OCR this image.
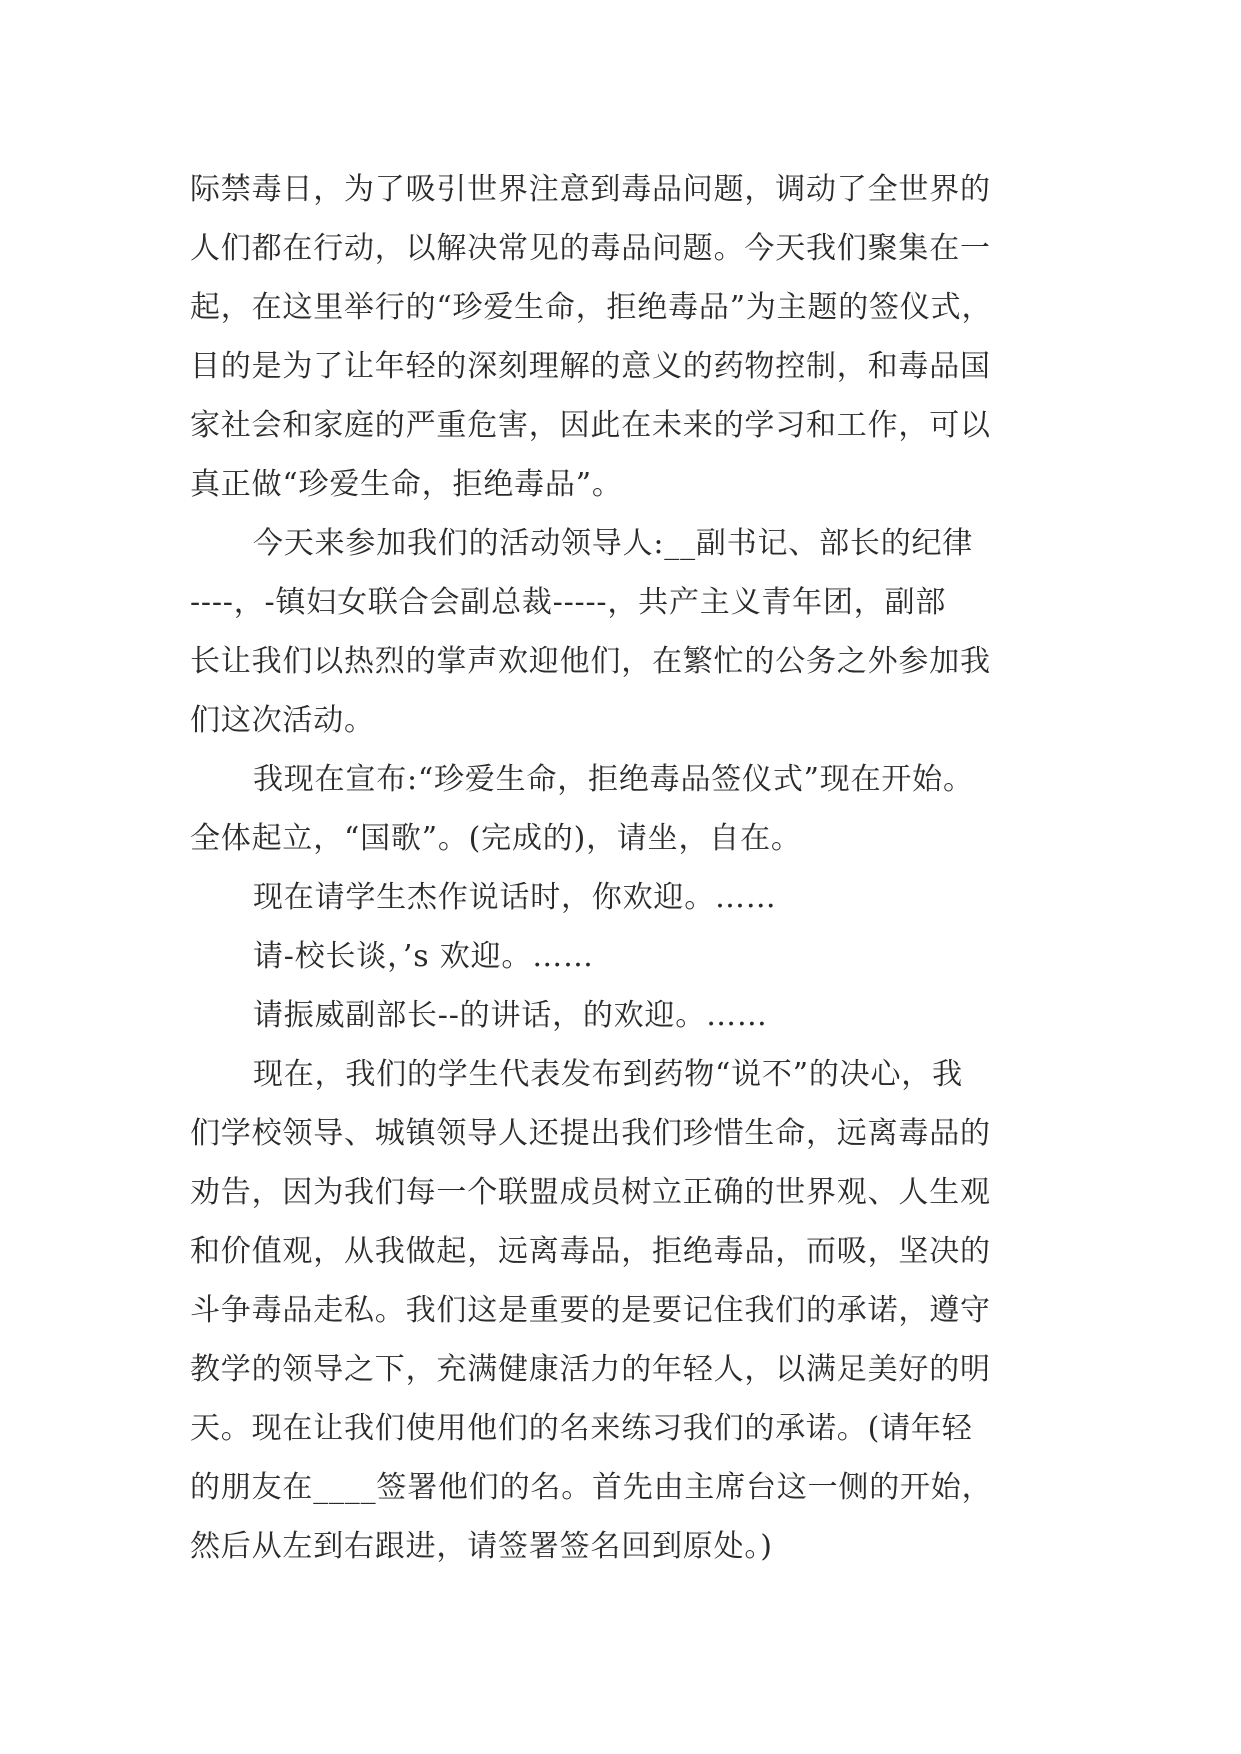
际禁毒日，为了吸引世界注意到毒品问题，调动了全世界的
人们都在行动，以解决常见的毒品问题。今天我们聚集在一
起，在这里举行的“珍爱生命，拒绝毒品”为主题的签仪式，
目的是为了让年轻的深刻理解的意义的药物控制，和毒品国
家社会和家庭的严重危害，因此在未来的学习和工作，可以
真正做“珍爱生命，拒绝毒品”。
今天来参加我们的活动领导人:__副书记、部长的纪律
----，-镇妇女联合会副总裁-----，共产主义青年团，副部
长让我们以热烈的掌声欢迎他们，在繁忙的公务之外参加我
们这次活动。
我现在宣布:“珍爱生命，拒绝毒品签仪式”现在开始。
全体起立，“国歌”。(完成的)，请坐，自在。
现在请学生杰作说话时，你欢迎。……
请-校长谈，’s 欢迎。……
请振威副部长--的讲话，的欢迎。……
现在，我们的学生代表发布到药物“说不”的决心，我
们学校领导、城镇领导人还提出我们珍惜生命，远离毒品的
劝告，因为我们每一个联盟成员树立正确的世界观、人生观
和价值观，从我做起，远离毒品，拒绝毒品，而吸，坚决的
斗争毒品走私。我们这是重要的是要记住我们的承诺，遵守
教学的领导之下，充满健康活力的年轻人，以满足美好的明
天。现在让我们使用他们的名来练习我们的承诺。(请年轻
的朋友在____签署他们的名。首先由主席台这一侧的开始，
然后从左到右跟进，请签署签名回到原处。)
